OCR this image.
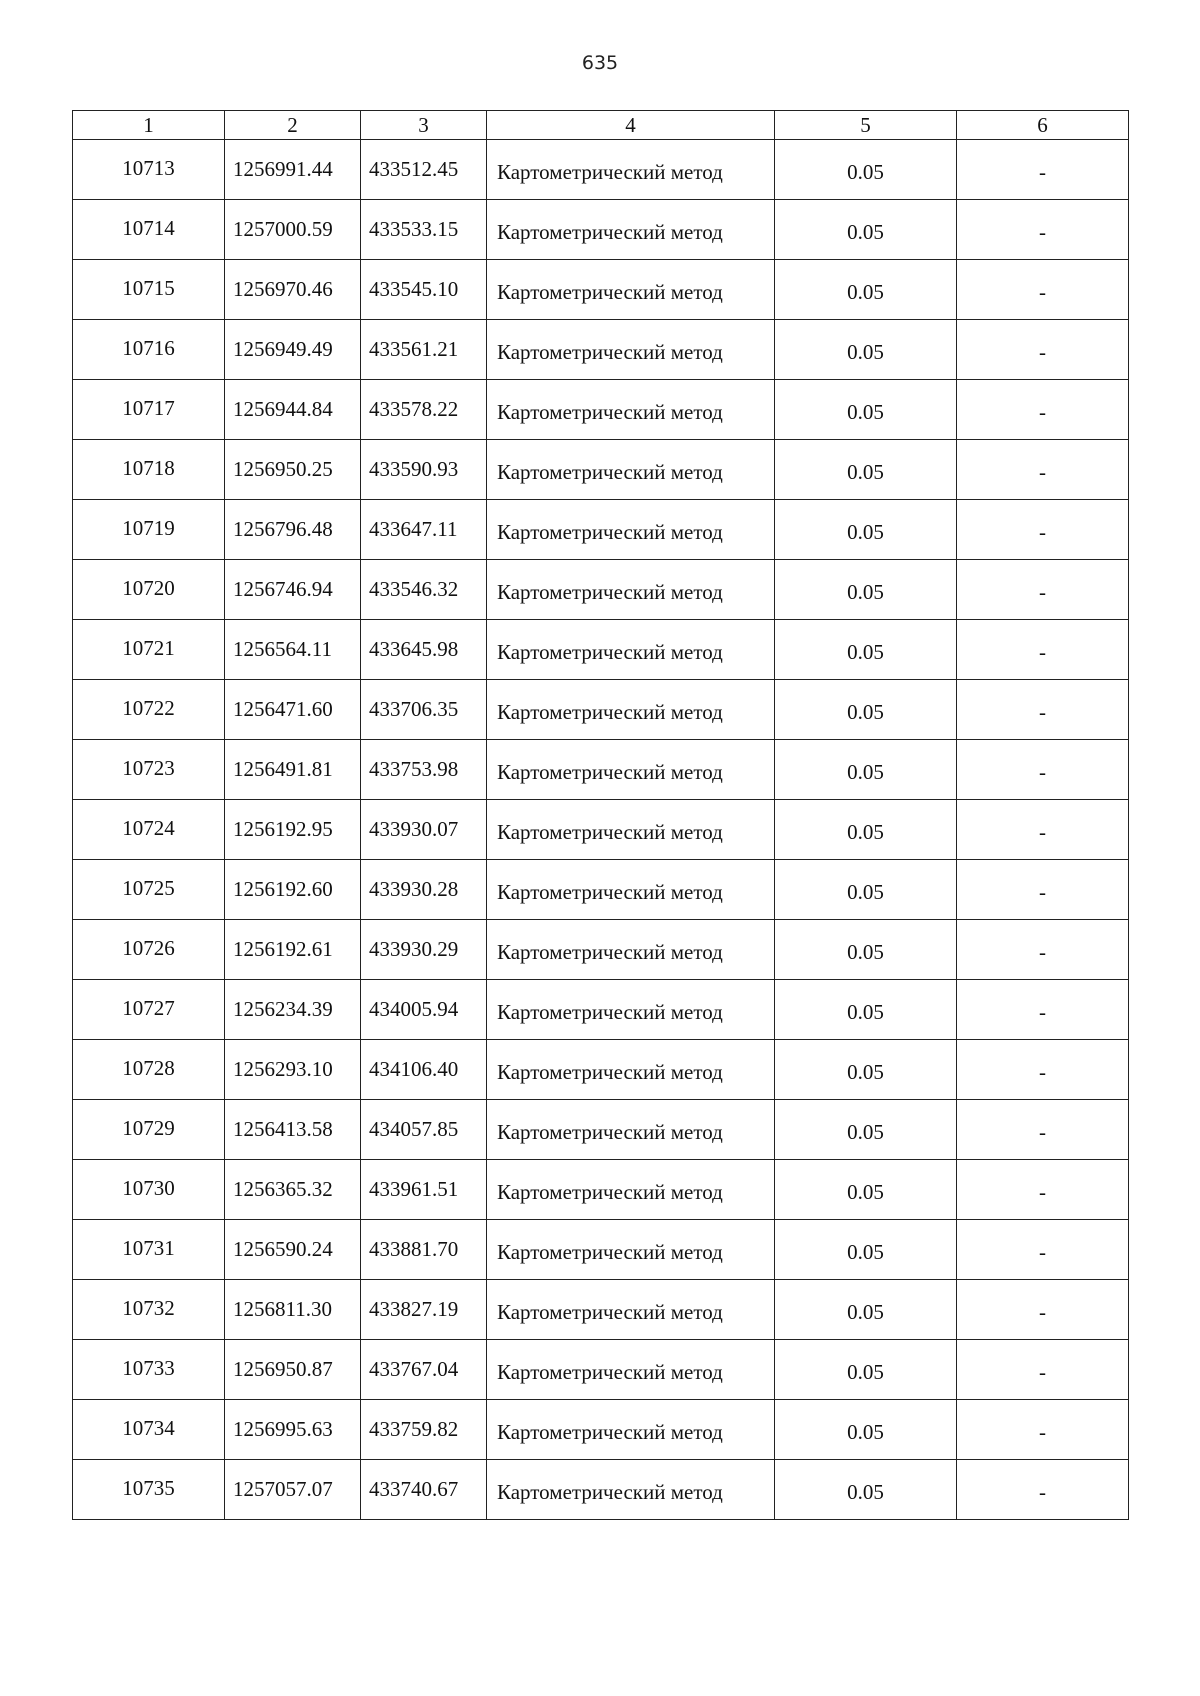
635
1	2	3	4	5	6
10713	1256991.44	433512.45	Картометрический метод	0.05	-
10714	1257000.59	433533.15	Картометрический метод	0.05	-
10715	1256970.46	433545.10	Картометрический метод	0.05	-
10716	1256949.49	433561.21	Картометрический метод	0.05	-
10717	1256944.84	433578.22	Картометрический метод	0.05	-
10718	1256950.25	433590.93	Картометрический метод	0.05	-
10719	1256796.48	433647.11	Картометрический метод	0.05	-
10720	1256746.94	433546.32	Картометрический метод	0.05	-
10721	1256564.11	433645.98	Картометрический метод	0.05	-
10722	1256471.60	433706.35	Картометрический метод	0.05	-
10723	1256491.81	433753.98	Картометрический метод	0.05	-
10724	1256192.95	433930.07	Картометрический метод	0.05	-
10725	1256192.60	433930.28	Картометрический метод	0.05	-
10726	1256192.61	433930.29	Картометрический метод	0.05	-
10727	1256234.39	434005.94	Картометрический метод	0.05	-
10728	1256293.10	434106.40	Картометрический метод	0.05	-
10729	1256413.58	434057.85	Картометрический метод	0.05	-
10730	1256365.32	433961.51	Картометрический метод	0.05	-
10731	1256590.24	433881.70	Картометрический метод	0.05	-
10732	1256811.30	433827.19	Картометрический метод	0.05	-
10733	1256950.87	433767.04	Картометрический метод	0.05	-
10734	1256995.63	433759.82	Картометрический метод	0.05	-
10735	1257057.07	433740.67	Картометрический метод	0.05	-
